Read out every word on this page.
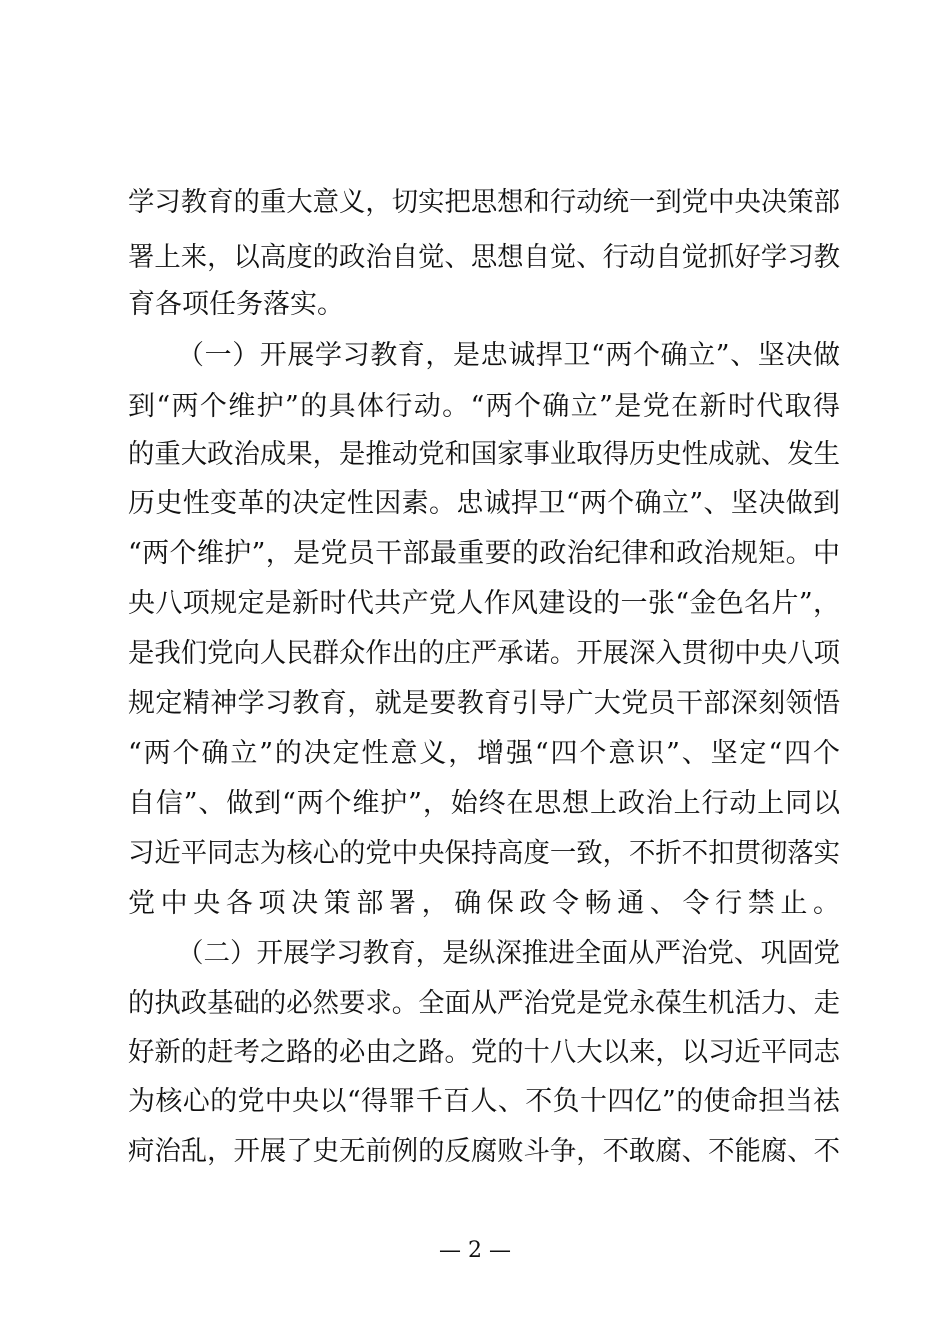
学习教育的重大意义，切实把思想和行动统一到党中央决策部
署上来，以高度的政治自觉、思想自觉、行动自觉抓好学习教
育各项任务落实。
（一）开展学习教育，是忠诚捍卫“两个确立”、坚决做
到“两个维护”的具体行动。“两个确立”是党在新时代取得
的重大政治成果，是推动党和国家事业取得历史性成就、发生
历史性变革的决定性因素。忠诚捍卫“两个确立”、坚决做到
“两个维护”，是党员干部最重要的政治纪律和政治规矩。中
央八项规定是新时代共产党人作风建设的一张“金色名片”，
是我们党向人民群众作出的庄严承诺。开展深入贯彻中央八项
规定精神学习教育，就是要教育引导广大党员干部深刻领悟
“两个确立”的决定性意义，增强“四个意识”、坚定“四个
自信”、做到“两个维护”，始终在思想上政治上行动上同以
习近平同志为核心的党中央保持高度一致，不折不扣贯彻落实
党中央各项决策部署，确保政令畅通、令行禁止。
（二）开展学习教育，是纵深推进全面从严治党、巩固党
的执政基础的必然要求。全面从严治党是党永葆生机活力、走
好新的赶考之路的必由之路。党的十八大以来，以习近平同志
为核心的党中央以“得罪千百人、不负十四亿”的使命担当祛
疴治乱，开展了史无前例的反腐败斗争，不敢腐、不能腐、不
— 2 —
